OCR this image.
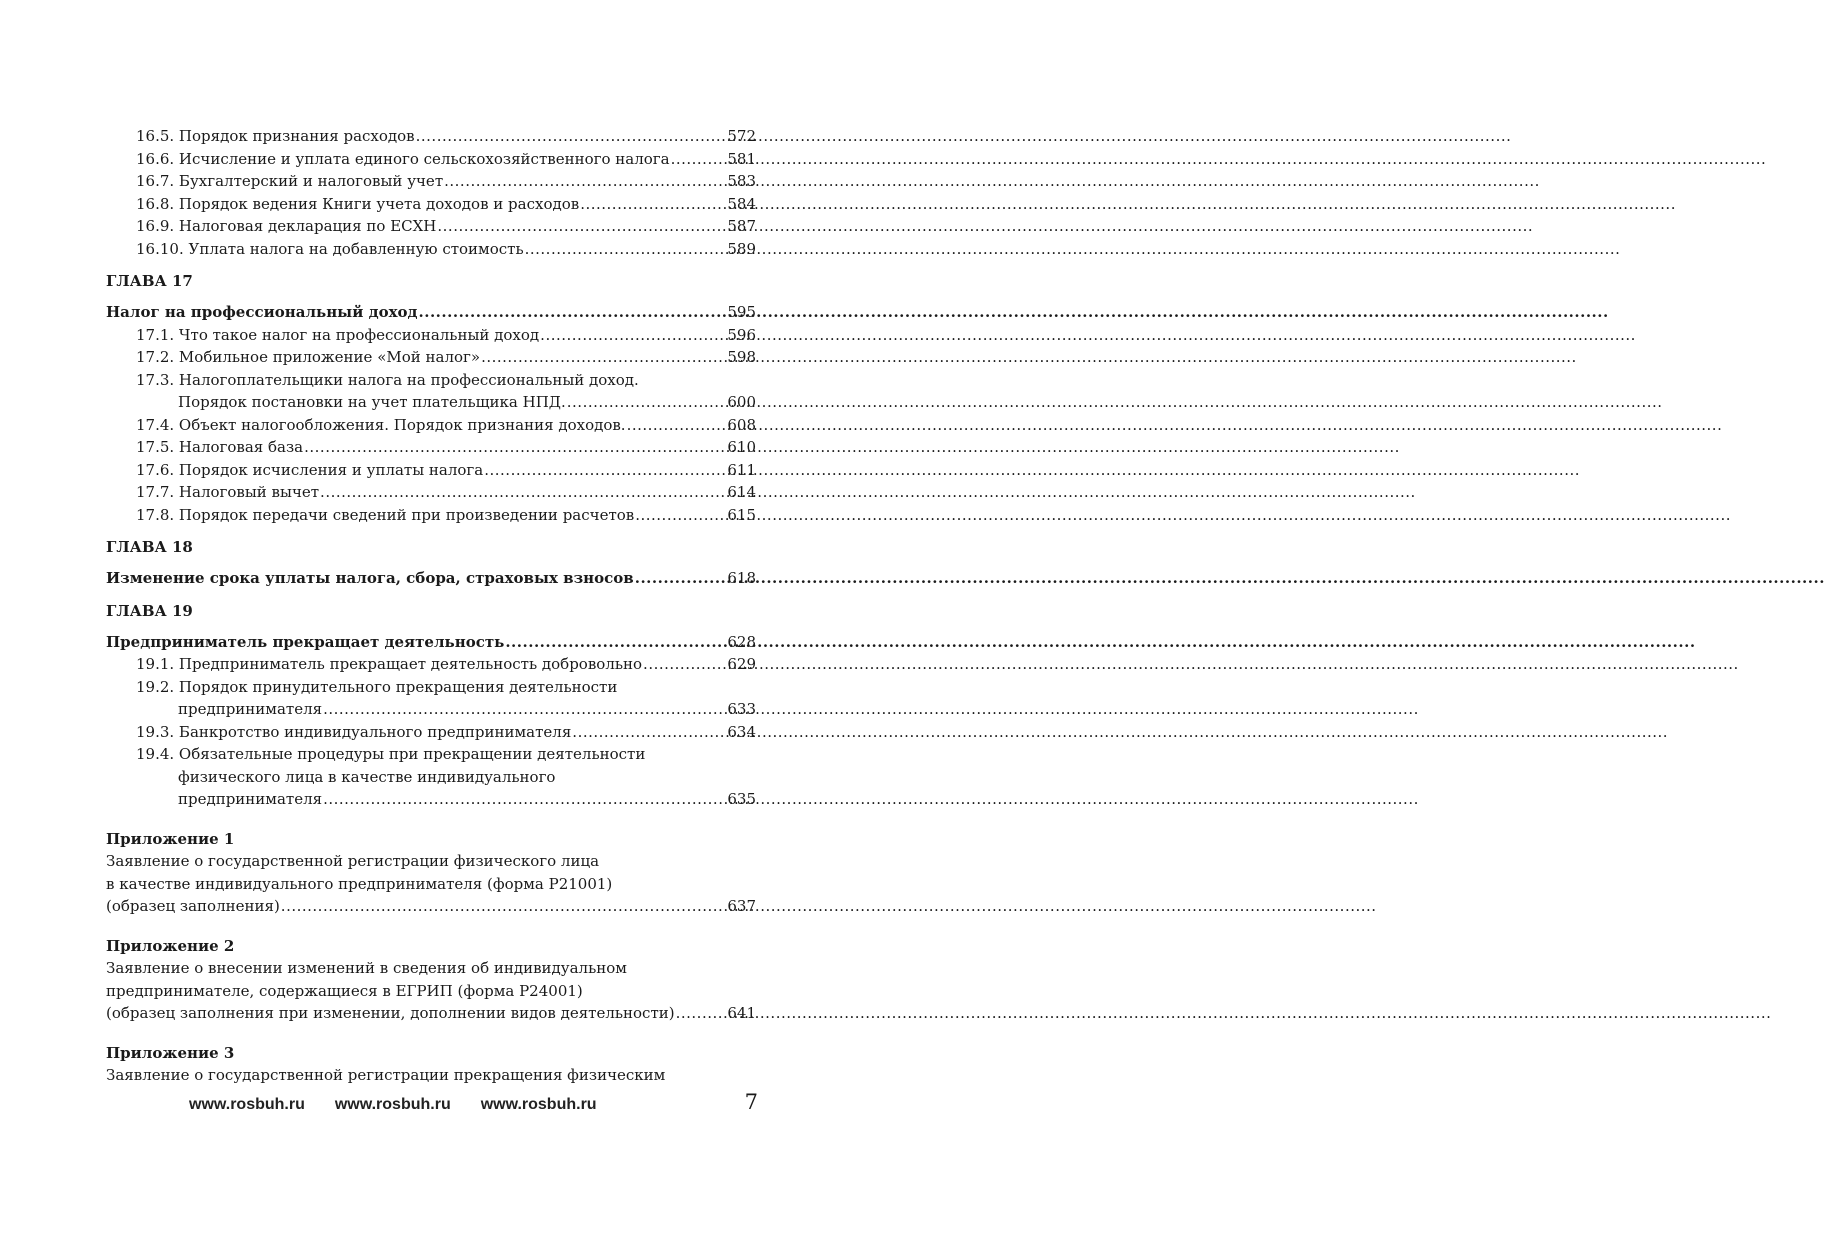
16.5. Порядок признания расходов .....	572
16.6. Исчисление и уплата единого сельскохозяйственного налога .....	581
16.7. Бухгалтерский и налоговый учет .....	583
16.8. Порядок ведения Книги учета доходов и расходов .....	584
16.9. Налоговая декларация по ЕСХН .....	587
16.10. Уплата налога на добавленную стоимость .....	589
ГЛАВА 17
Налог на профессиональный доход .....	595
17.1. Что такое налог на профессиональный доход .....	596
17.2. Мобильное приложение «Мой налог» .....	598
17.3. Налогоплательщики налога на профессиональный доход.
Порядок постановки на учет плательщика НПД. .....	600
17.4. Объект налогообложения. Порядок признания доходов. .....	608
17.5. Налоговая база .....	610
17.6. Порядок исчисления и уплаты налога .....	611
17.7. Налоговый вычет .....	614
17.8. Порядок передачи сведений при произведении расчетов .....	615
ГЛАВА 18
Изменение срока уплаты налога, сбора, страховых взносов .....	618
ГЛАВА 19
Предприниматель прекращает деятельность .....	628
19.1. Предприниматель прекращает деятельность добровольно .....	629
19.2. Порядок принудительного прекращения деятельности
предпринимателя .....	633
19.3. Банкротство индивидуального предпринимателя .....	634
19.4. Обязательные процедуры при прекращении деятельности
физического лица в качестве индивидуального
предпринимателя .....	635
Приложение 1
Заявление о государственной регистрации физического лица
в качестве индивидуального предпринимателя (форма Р21001)
(образец заполнения) .....	637
Приложение 2
Заявление о внесении изменений в сведения об индивидуальном
предпринимателе, содержащиеся в ЕГРИП (форма Р24001)
(образец заполнения при изменении, дополнении видов деятельности) .....	641
Приложение 3
Заявление о государственной регистрации прекращения физическим
www.rosbuh.ru www.rosbuh.ru www.rosbuh.ru	7
